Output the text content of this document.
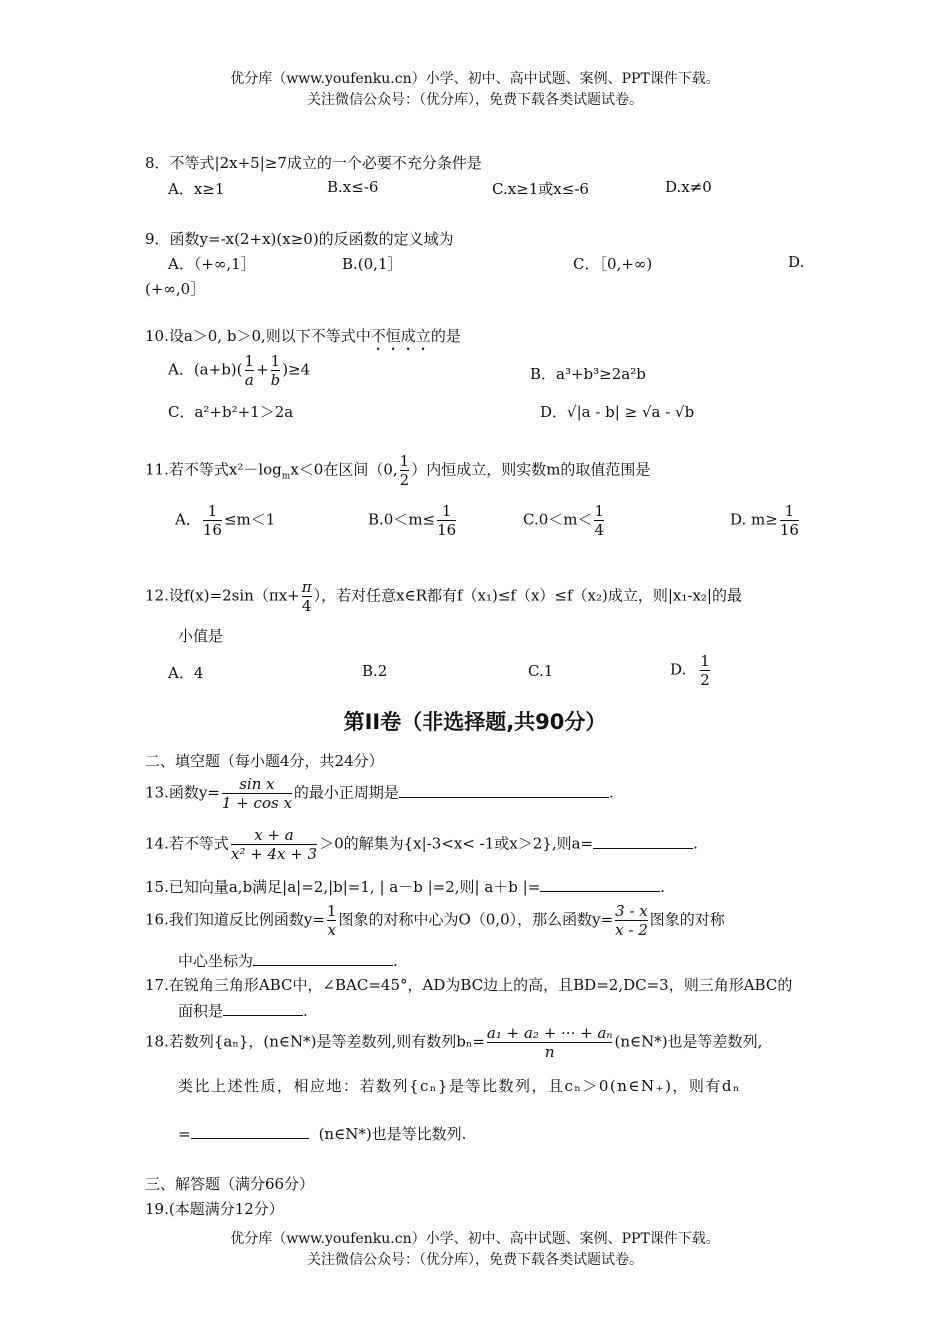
优分库（www.youfenku.cn）小学、初中、高中试题、案例、PPT课件下载。
关注微信公众号：（优分库），免费下载各类试题试卷。
8．不等式|2x+5|≥7成立的一个必要不充分条件是
A．x≥1	B.x≤-6	C.x≥1或x≤-6	D.x≠0
9．函数y=-x(2+x)(x≥0)的反函数的定义域为
A．（+∞,1］	B.(0,1］	C．［0,+∞)	D.
(+∞,0］
10.设a＞0, b＞0,则以下不等式中不恒成立的是
A．$(a+b)( \frac{1}{a} + \frac{1}{b} )\ge 4$	B．a³+b³≥2a²b
C．a²+b²+1＞2a	D．√|a - b| ≥ √a - √b
11.若不等式$x^2-\log_mx<0$在区间（0, $\frac{1}{2}$ ）内恒成立，则实数m的取值范围是
A． $\frac{1}{16} \le m<1$	$B.0<m\le \frac{1}{16}$	$C.0<m< \frac{1}{4}$	D. $m\ge \frac{1}{16}$
12.设$f(x)=2\sin(\pi x+ \frac{\pi}{4}$ ），若对任意x∈R都有f（x₁)≤f（x）≤f（x₂)成立，则|x₁-x₂|的最
小值是
A．4	B.2	C.1	D. $\frac{1}{2}$
第II卷（非选择题,共90分）
二、填空题（每小题4分，共24分）
13.函数$y= \frac{\text{sin x}}{\text{1 + cos x}}$ 的最小正周期是	.
14.若不等式 $\frac{x + a}{\text{x² + 4x + 3}} >0$的解集为{x|-3<x< -1或x＞2},则a=	.
15.已知向量a,b满足|a|=2,|b|=1, | a－b |=2,则| a＋b |=	.
16.我们知道反比例函数$y= \frac{1}{x}$ 图象的对称中心为O（0,0），那么函数$y= \frac{3 - x}{x - 2}$ 图象的对称
中心坐标为	.
17.在锐角三角形ABC中，∠BAC=45°，AD为BC边上的高，且BD=2,DC=3，则三角形ABC的
面积是	.
18.若数列{aₙ}，(n∈N*)是等差数列,则有数列$b_n= \frac{\text{a₁ + a₂ + ··· + aₙ}}{n}$ (n∈N*)也是等差数列,
类比上述性质，相应地：若数列{cₙ}是等比数列，且cₙ＞0(n∈N₊)，则有dₙ
=	(n∈N*)也是等比数列.
三、解答题（满分66分）
19.(本题满分12分）
优分库（www.youfenku.cn）小学、初中、高中试题、案例、PPT课件下载。
关注微信公众号：（优分库），免费下载各类试题试卷。
